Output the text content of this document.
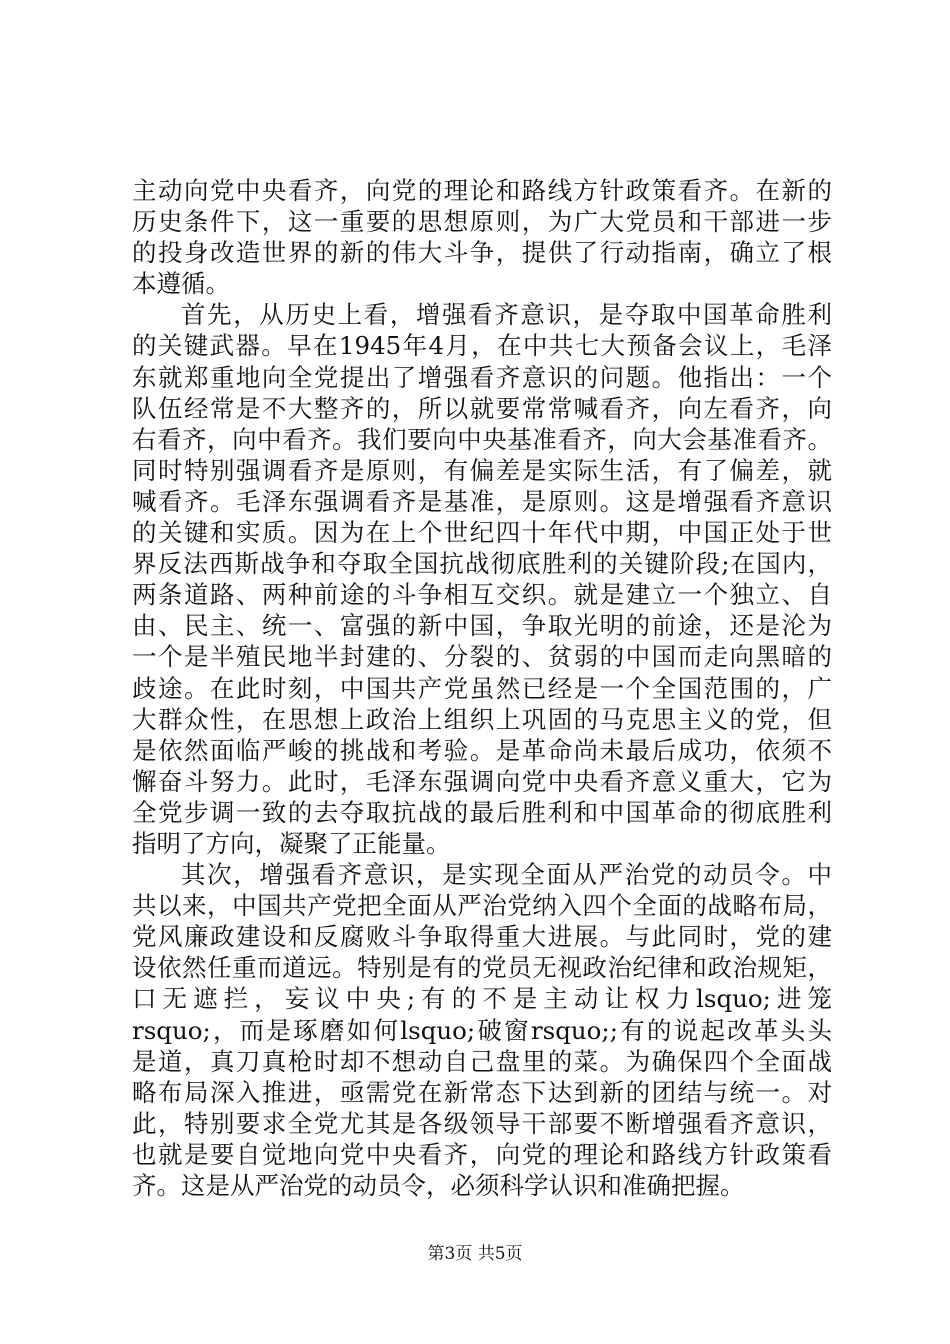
主动向党中央看齐，向党的理论和路线方针政策看齐。在新的
历史条件下，这一重要的思想原则，为广大党员和干部进一步
的投身改造世界的新的伟大斗争，提供了行动指南，确立了根
本遵循。
首先，从历史上看，增强看齐意识，是夺取中国革命胜利
的关键武器。早在1945年4月，在中共七大预备会议上，毛泽
东就郑重地向全党提出了增强看齐意识的问题。他指出：一个
队伍经常是不大整齐的，所以就要常常喊看齐，向左看齐，向
右看齐，向中看齐。我们要向中央基准看齐，向大会基准看齐。
同时特别强调看齐是原则，有偏差是实际生活，有了偏差，就
喊看齐。毛泽东强调看齐是基准，是原则。这是增强看齐意识
的关键和实质。因为在上个世纪四十年代中期，中国正处于世
界反法西斯战争和夺取全国抗战彻底胜利的关键阶段;在国内，
两条道路、两种前途的斗争相互交织。就是建立一个独立、自
由、民主、统一、富强的新中国，争取光明的前途，还是沦为
一个是半殖民地半封建的、分裂的、贫弱的中国而走向黑暗的
歧途。在此时刻，中国共产党虽然已经是一个全国范围的，广
大群众性，在思想上政治上组织上巩固的马克思主义的党，但
是依然面临严峻的挑战和考验。是革命尚未最后成功，依须不
懈奋斗努力。此时，毛泽东强调向党中央看齐意义重大，它为
全党步调一致的去夺取抗战的最后胜利和中国革命的彻底胜利
指明了方向，凝聚了正能量。
其次，增强看齐意识，是实现全面从严治党的动员令。中
共以来，中国共产党把全面从严治党纳入四个全面的战略布局，
党风廉政建设和反腐败斗争取得重大进展。与此同时，党的建
设依然任重而道远。特别是有的党员无视政治纪律和政治规矩，
口无遮拦，妄议中央;有的不是主动让权力lsquo;进笼
rsquo;，而是琢磨如何lsquo;破窗rsquo;;有的说起改革头头
是道，真刀真枪时却不想动自己盘里的菜。为确保四个全面战
略布局深入推进，亟需党在新常态下达到新的团结与统一。对
此，特别要求全党尤其是各级领导干部要不断增强看齐意识，
也就是要自觉地向党中央看齐，向党的理论和路线方针政策看
齐。这是从严治党的动员令，必须科学认识和准确把握。
第3页 共5页
